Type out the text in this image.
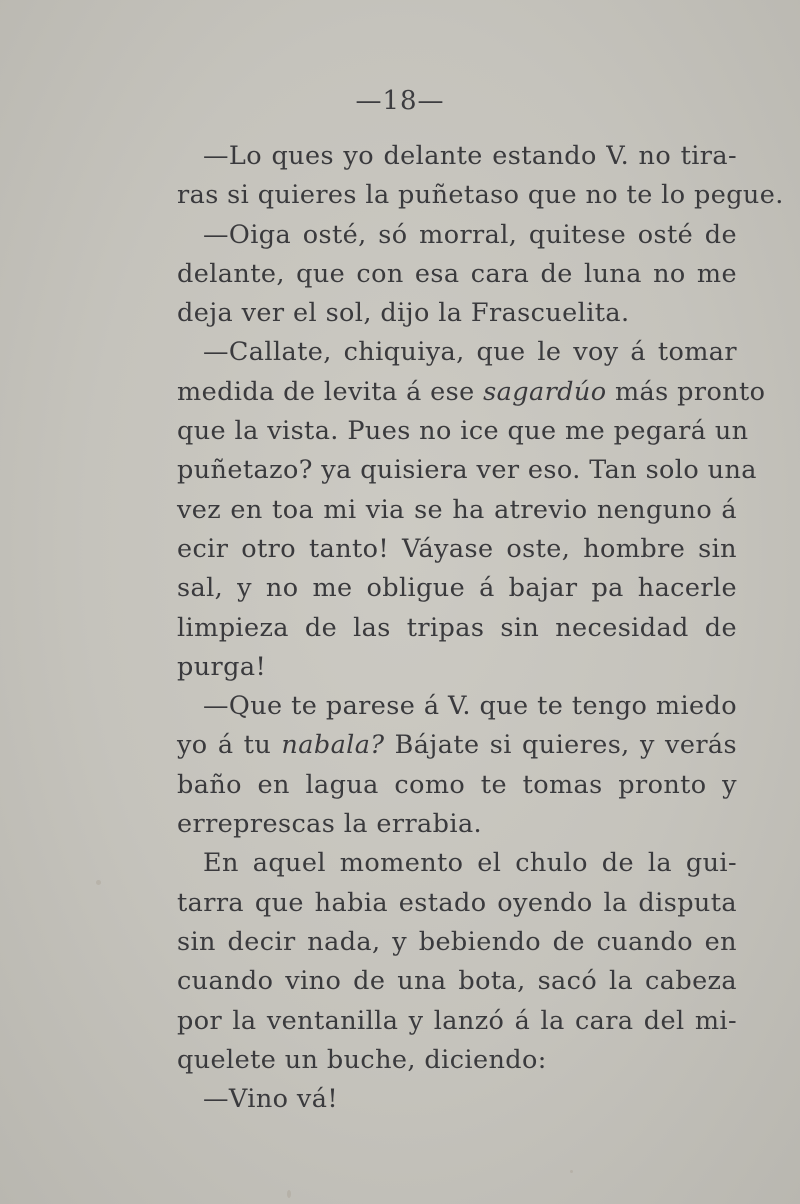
—18—
—Lo ques yo delante estando V. no tira-
ras si quieres la puñetaso que no te lo pegue.
—Oiga osté, só morral, quitese osté de
delante, que con esa cara de luna no me
deja ver el sol, dijo la Frascuelita.
—Callate, chiquiya, que le voy á tomar
medida de levita á ese sagardúo más pronto
que la vista. Pues no ice que me pegará un
puñetazo? ya quisiera ver eso. Tan solo una
vez en toa mi via se ha atrevio nenguno á
ecir otro tanto! Váyase oste, hombre sin
sal, y no me obligue á bajar pa hacerle
limpieza de las tripas sin necesidad de
purga!
—Que te parese á V. que te tengo miedo
yo á tu nabala? Bájate si quieres, y verás
baño en lagua como te tomas pronto y
erreprescas la errabia.
En aquel momento el chulo de la gui-
tarra que habia estado oyendo la disputa
sin decir nada, y bebiendo de cuando en
cuando vino de una bota, sacó la cabeza
por la ventanilla y lanzó á la cara del mi-
quelete un buche, diciendo:
—Vino vá!
